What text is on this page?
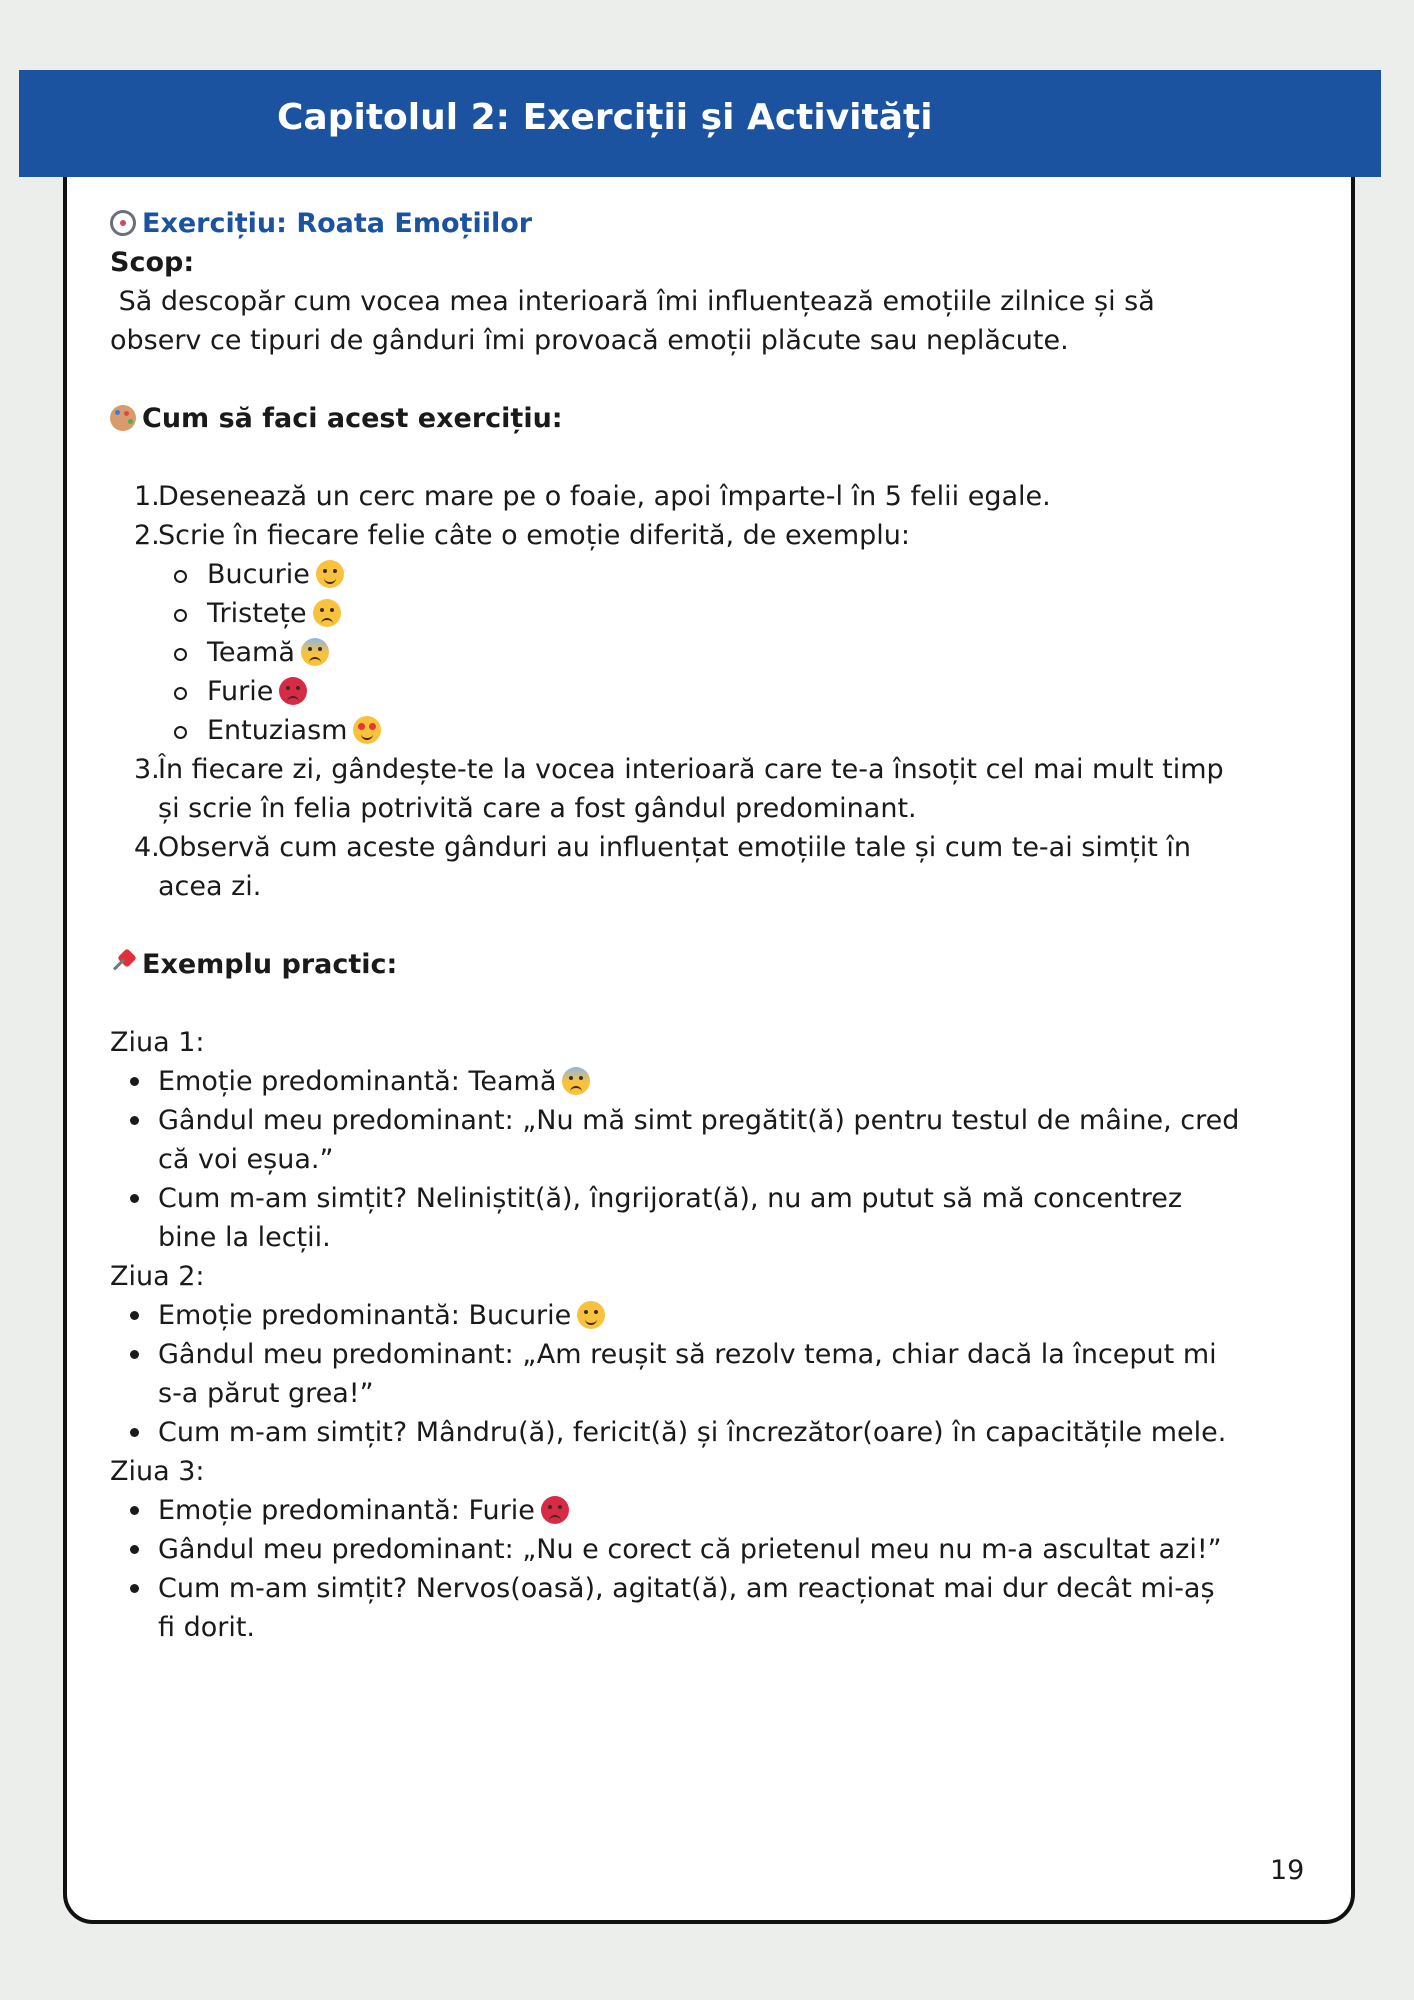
Capitolul 2: Exerciții și Activități

Exercițiu: Roata Emoțiilor

Scop:

Să descopăr cum vocea mea interioară îmi influențează emoțiile zilnice și să

observ ce tipuri de gânduri îmi provoacă emoții plăcute sau neplăcute.

Cum să faci acest exercițiu:

1.
Desenează un cerc mare pe o foaie, apoi împarte-l în 5 felii egale.
2.
Scrie în fiecare felie câte o emoție diferită, de exemplu:
Bucurie
Tristețe
Teamă
Furie
Entuziasm
3.
În fiecare zi, gândește-te la vocea interioară care te-a însoțit cel mai mult timp
și scrie în felia potrivită care a fost gândul predominant.
4.
Observă cum aceste gânduri au influențat emoțiile tale și cum te-ai simțit în
acea zi.

Exemplu practic:

Ziua 1:

Emoție predominantă: Teamă
Gândul meu predominant: „Nu mă simt pregătit(ă) pentru testul de mâine, cred
că voi eșua.”
Cum m-am simțit? Neliniștit(ă), îngrijorat(ă), nu am putut să mă concentrez
bine la lecții.

Ziua 2:

Emoție predominantă: Bucurie
Gândul meu predominant: „Am reușit să rezolv tema, chiar dacă la început mi
s-a părut grea!”
Cum m-am simțit? Mândru(ă), fericit(ă) și încrezător(oare) în capacitățile mele.

Ziua 3:

Emoție predominantă: Furie
Gândul meu predominant: „Nu e corect că prietenul meu nu m-a ascultat azi!”
Cum m-am simțit? Nervos(oasă), agitat(ă), am reacționat mai dur decât mi-aș
fi dorit.
19
